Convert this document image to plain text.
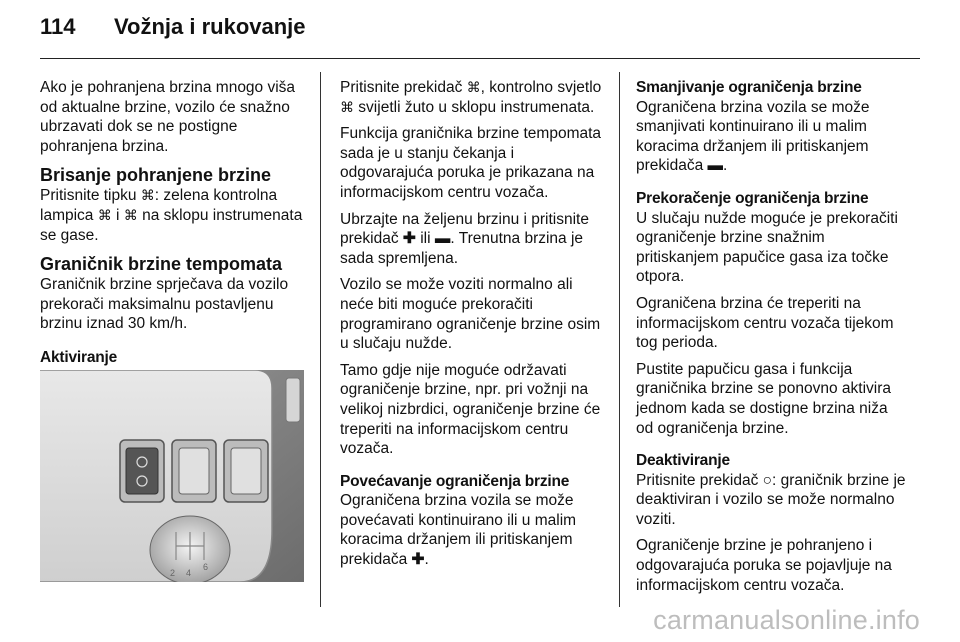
114 Vožnja i rukovanje

Ako je pohranjena brzina mnogo viša od aktualne brzine, vozilo će snažno ubrzavati dok se ne postigne pohranjena brzina.

Brisanje pohranjene brzine

Pritisnite tipku ⌘: zelena kontrolna lampica ⌘ i ⌘ na sklopu instrumenata se gase.

Graničnik brzine tempomata

Graničnik brzine sprječava da vozilo prekorači maksimalnu postavljenu brzinu iznad 30 km/h.

Aktiviranje
2 4
6

Pritisnite prekidač ⌘, kontrolno svjetlo ⌘ svijetli žuto u sklopu instrumenata.

Funkcija graničnika brzine tempomata sada je u stanju čekanja i odgovarajuća poruka je prikazana na informacijskom centru vozača.

Ubrzajte na željenu brzinu i pritisnite prekidač ✚ ili ▬. Trenutna brzina je sada spremljena.

Vozilo se može voziti normalno ali neće biti moguće prekoračiti programirano ograničenje brzine osim u slučaju nužde.

Tamo gdje nije moguće održavati ograničenje brzine, npr. pri vožnji na velikoj nizbrdici, ograničenje brzine će treperiti na informacijskom centru vozača.

Povećavanje ograničenja brzine

Ograničena brzina vozila se može povećavati kontinuirano ili u malim koracima držanjem ili pritiskanjem prekidača ✚.

Smanjivanje ograničenja brzine

Ograničena brzina vozila se može smanjivati kontinuirano ili u malim koracima držanjem ili pritiskanjem prekidača ▬.

Prekoračenje ograničenja brzine

U slučaju nužde moguće je prekoračiti ograničenje brzine snažnim pritiskanjem papučice gasa iza točke otpora.

Ograničena brzina će treperiti na informacijskom centru vozača tijekom tog perioda.

Pustite papučicu gasa i funkcija graničnika brzine se ponovno aktivira jednom kada se dostigne brzina niža od ograničenja brzine.

Deaktiviranje

Pritisnite prekidač ○: graničnik brzine je deaktiviran i vozilo se može normalno voziti.

Ograničenje brzine je pohranjeno i odgovarajuća poruka se pojavljuje na informacijskom centru vozača.

carmanualsonline.info
